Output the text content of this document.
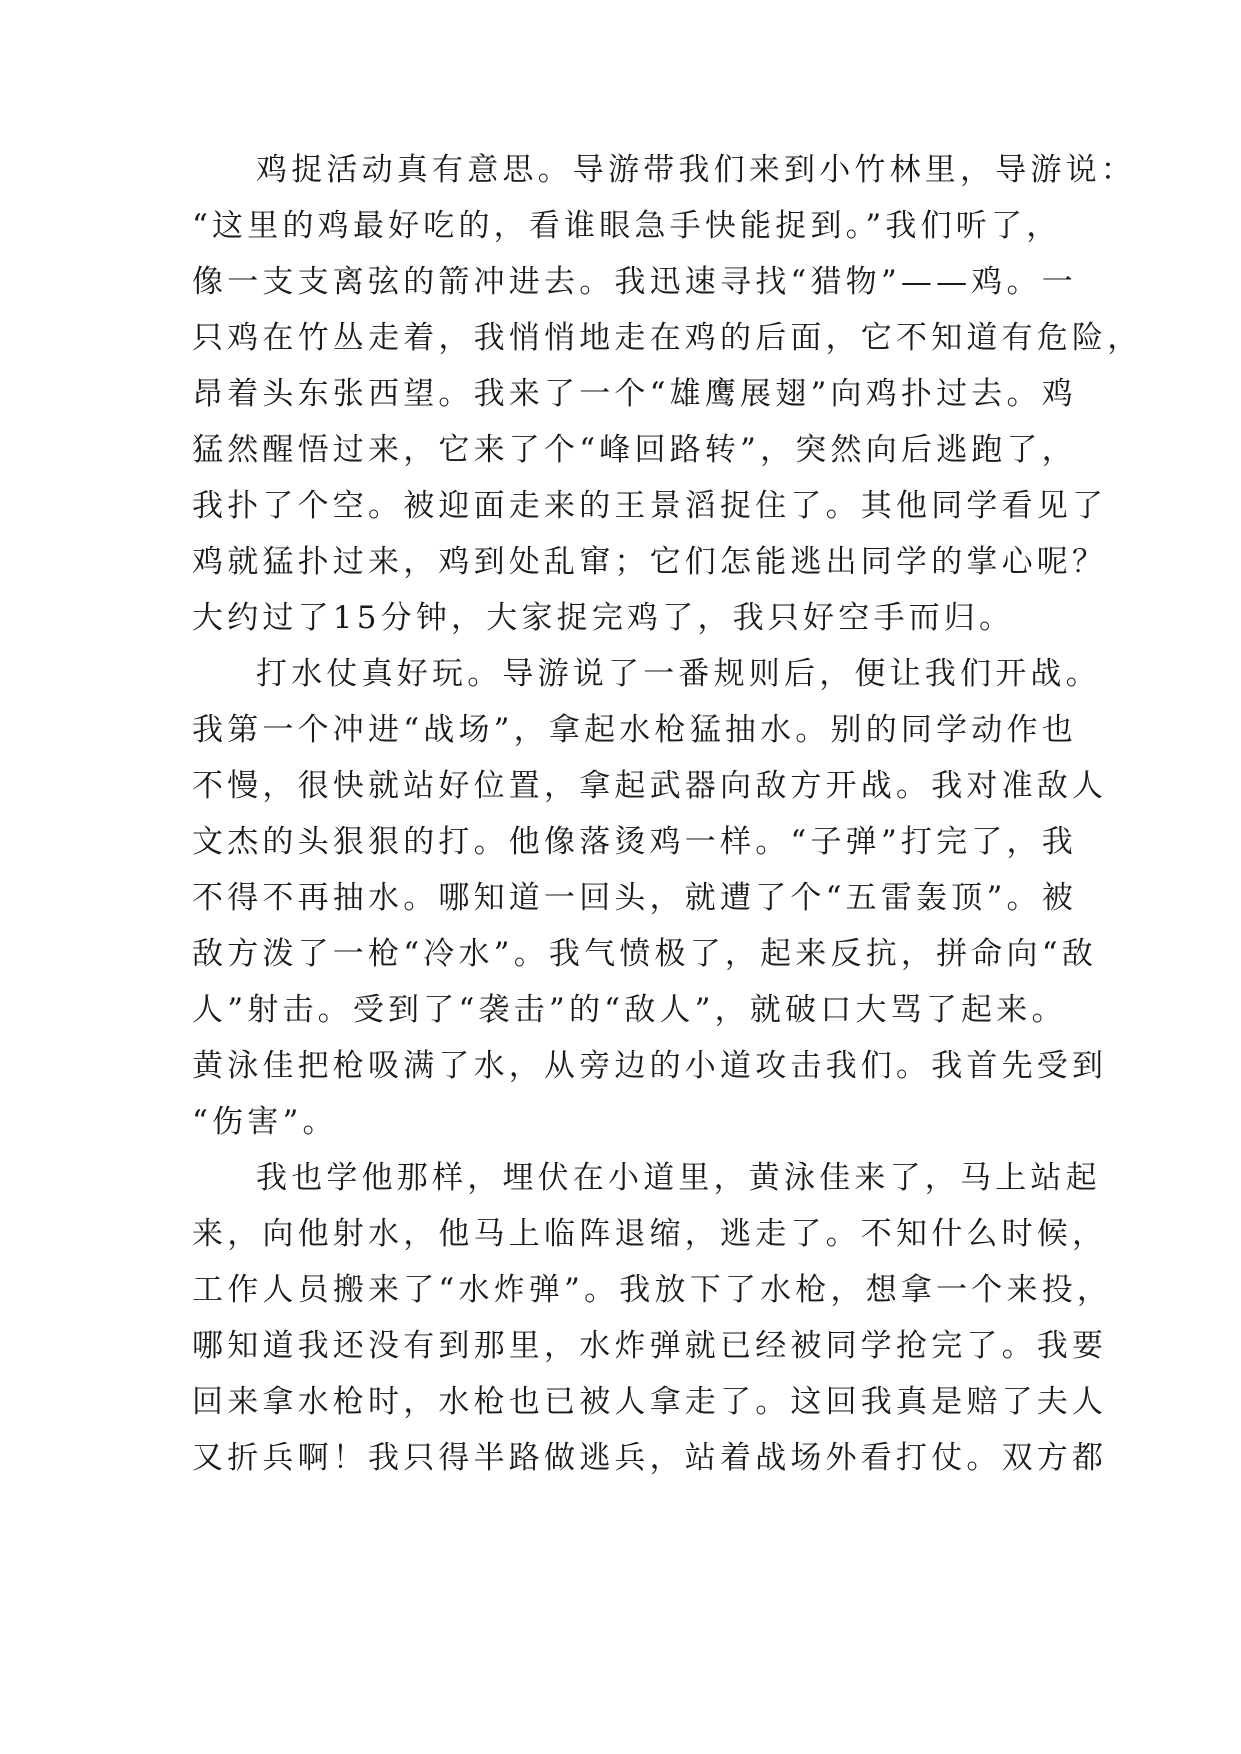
鸡捉活动真有意思。导游带我们来到小竹林里，导游说：
“这里的鸡最好吃的，看谁眼急手快能捉到。”我们听了，
像一支支离弦的箭冲进去。我迅速寻找“猎物”——鸡。一
只鸡在竹丛走着，我悄悄地走在鸡的后面，它不知道有危险，
昂着头东张西望。我来了一个“雄鹰展翅”向鸡扑过去。鸡
猛然醒悟过来，它来了个“峰回路转”，突然向后逃跑了，
我扑了个空。被迎面走来的王景滔捉住了。其他同学看见了
鸡就猛扑过来，鸡到处乱窜；它们怎能逃出同学的掌心呢？
大约过了15分钟，大家捉完鸡了，我只好空手而归。
打水仗真好玩。导游说了一番规则后，便让我们开战。
我第一个冲进“战场”，拿起水枪猛抽水。别的同学动作也
不慢，很快就站好位置，拿起武器向敌方开战。我对准敌人
文杰的头狠狠的打。他像落烫鸡一样。“子弹”打完了，我
不得不再抽水。哪知道一回头，就遭了个“五雷轰顶”。被
敌方泼了一枪“冷水”。我气愤极了，起来反抗，拼命向“敌
人”射击。受到了“袭击”的“敌人”，就破口大骂了起来。
黄泳佳把枪吸满了水，从旁边的小道攻击我们。我首先受到
“伤害”。
我也学他那样，埋伏在小道里，黄泳佳来了，马上站起
来，向他射水，他马上临阵退缩，逃走了。不知什么时候，
工作人员搬来了“水炸弹”。我放下了水枪，想拿一个来投，
哪知道我还没有到那里，水炸弹就已经被同学抢完了。我要
回来拿水枪时，水枪也已被人拿走了。这回我真是赔了夫人
又折兵啊！我只得半路做逃兵，站着战场外看打仗。双方都
